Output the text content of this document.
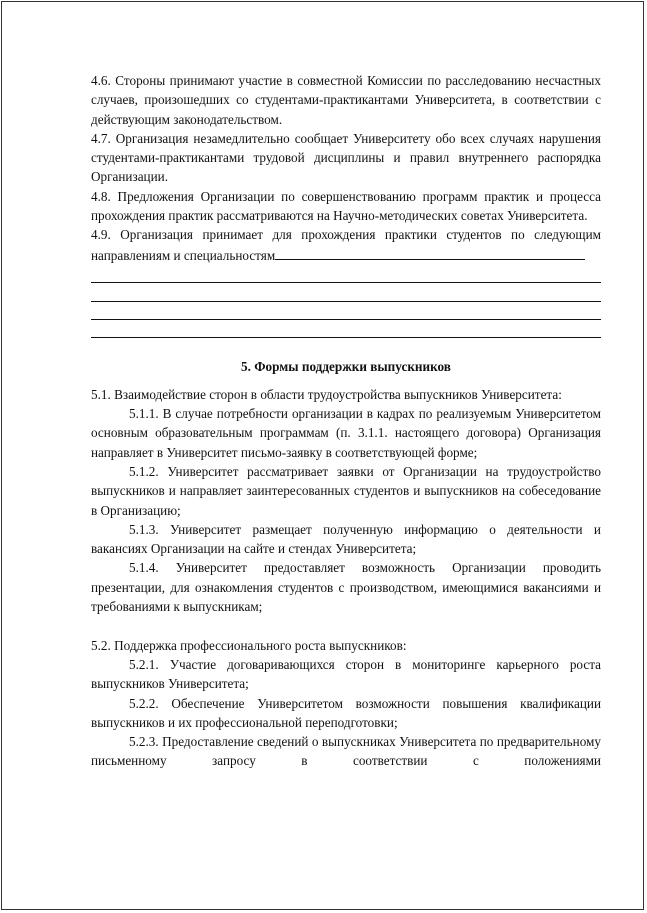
4.6. Стороны принимают участие в совместной Комиссии по расследованию несчастных случаев, произошедших со студентами-практикантами Университета, в соответствии с действующим законодательством.

4.7. Организация незамедлительно сообщает Университету обо всех случаях нарушения студентами-практикантами трудовой дисциплины и правил внутреннего распорядка Организации.

4.8. Предложения Организации по совершенствованию программ практик и процесса прохождения практик рассматриваются на Научно-методических советах Университета.

4.9. Организация принимает для прохождения практики студентов по следующим

направлениям и специальностям

5. Формы поддержки выпускников

5.1. Взаимодействие сторон в области трудоустройства выпускников Университета:

5.1.1. В случае потребности организации в кадрах по реализуемым Университетом основным образовательным программам (п. 3.1.1. настоящего договора) Организация направляет в Университет письмо-заявку в соответствующей форме;

5.1.2. Университет рассматривает заявки от Организации на трудоустройство выпускников и направляет заинтересованных студентов и выпускников на собеседование в Организацию;

5.1.3. Университет размещает полученную информацию о деятельности и вакансиях Организации на сайте и стендах Университета;

5.1.4. Университет предоставляет возможность Организации проводить презентации, для ознакомления студентов с производством, имеющимися вакансиями и требованиями к выпускникам;

5.2. Поддержка профессионального роста выпускников:

5.2.1. Участие договаривающихся сторон в мониторинге карьерного роста выпускников Университета;

5.2.2. Обеспечение Университетом возможности повышения квалификации выпускников и их профессиональной переподготовки;

5.2.3. Предоставление сведений о выпускниках Университета по предварительному письменному запросу в соответствии с положениями
